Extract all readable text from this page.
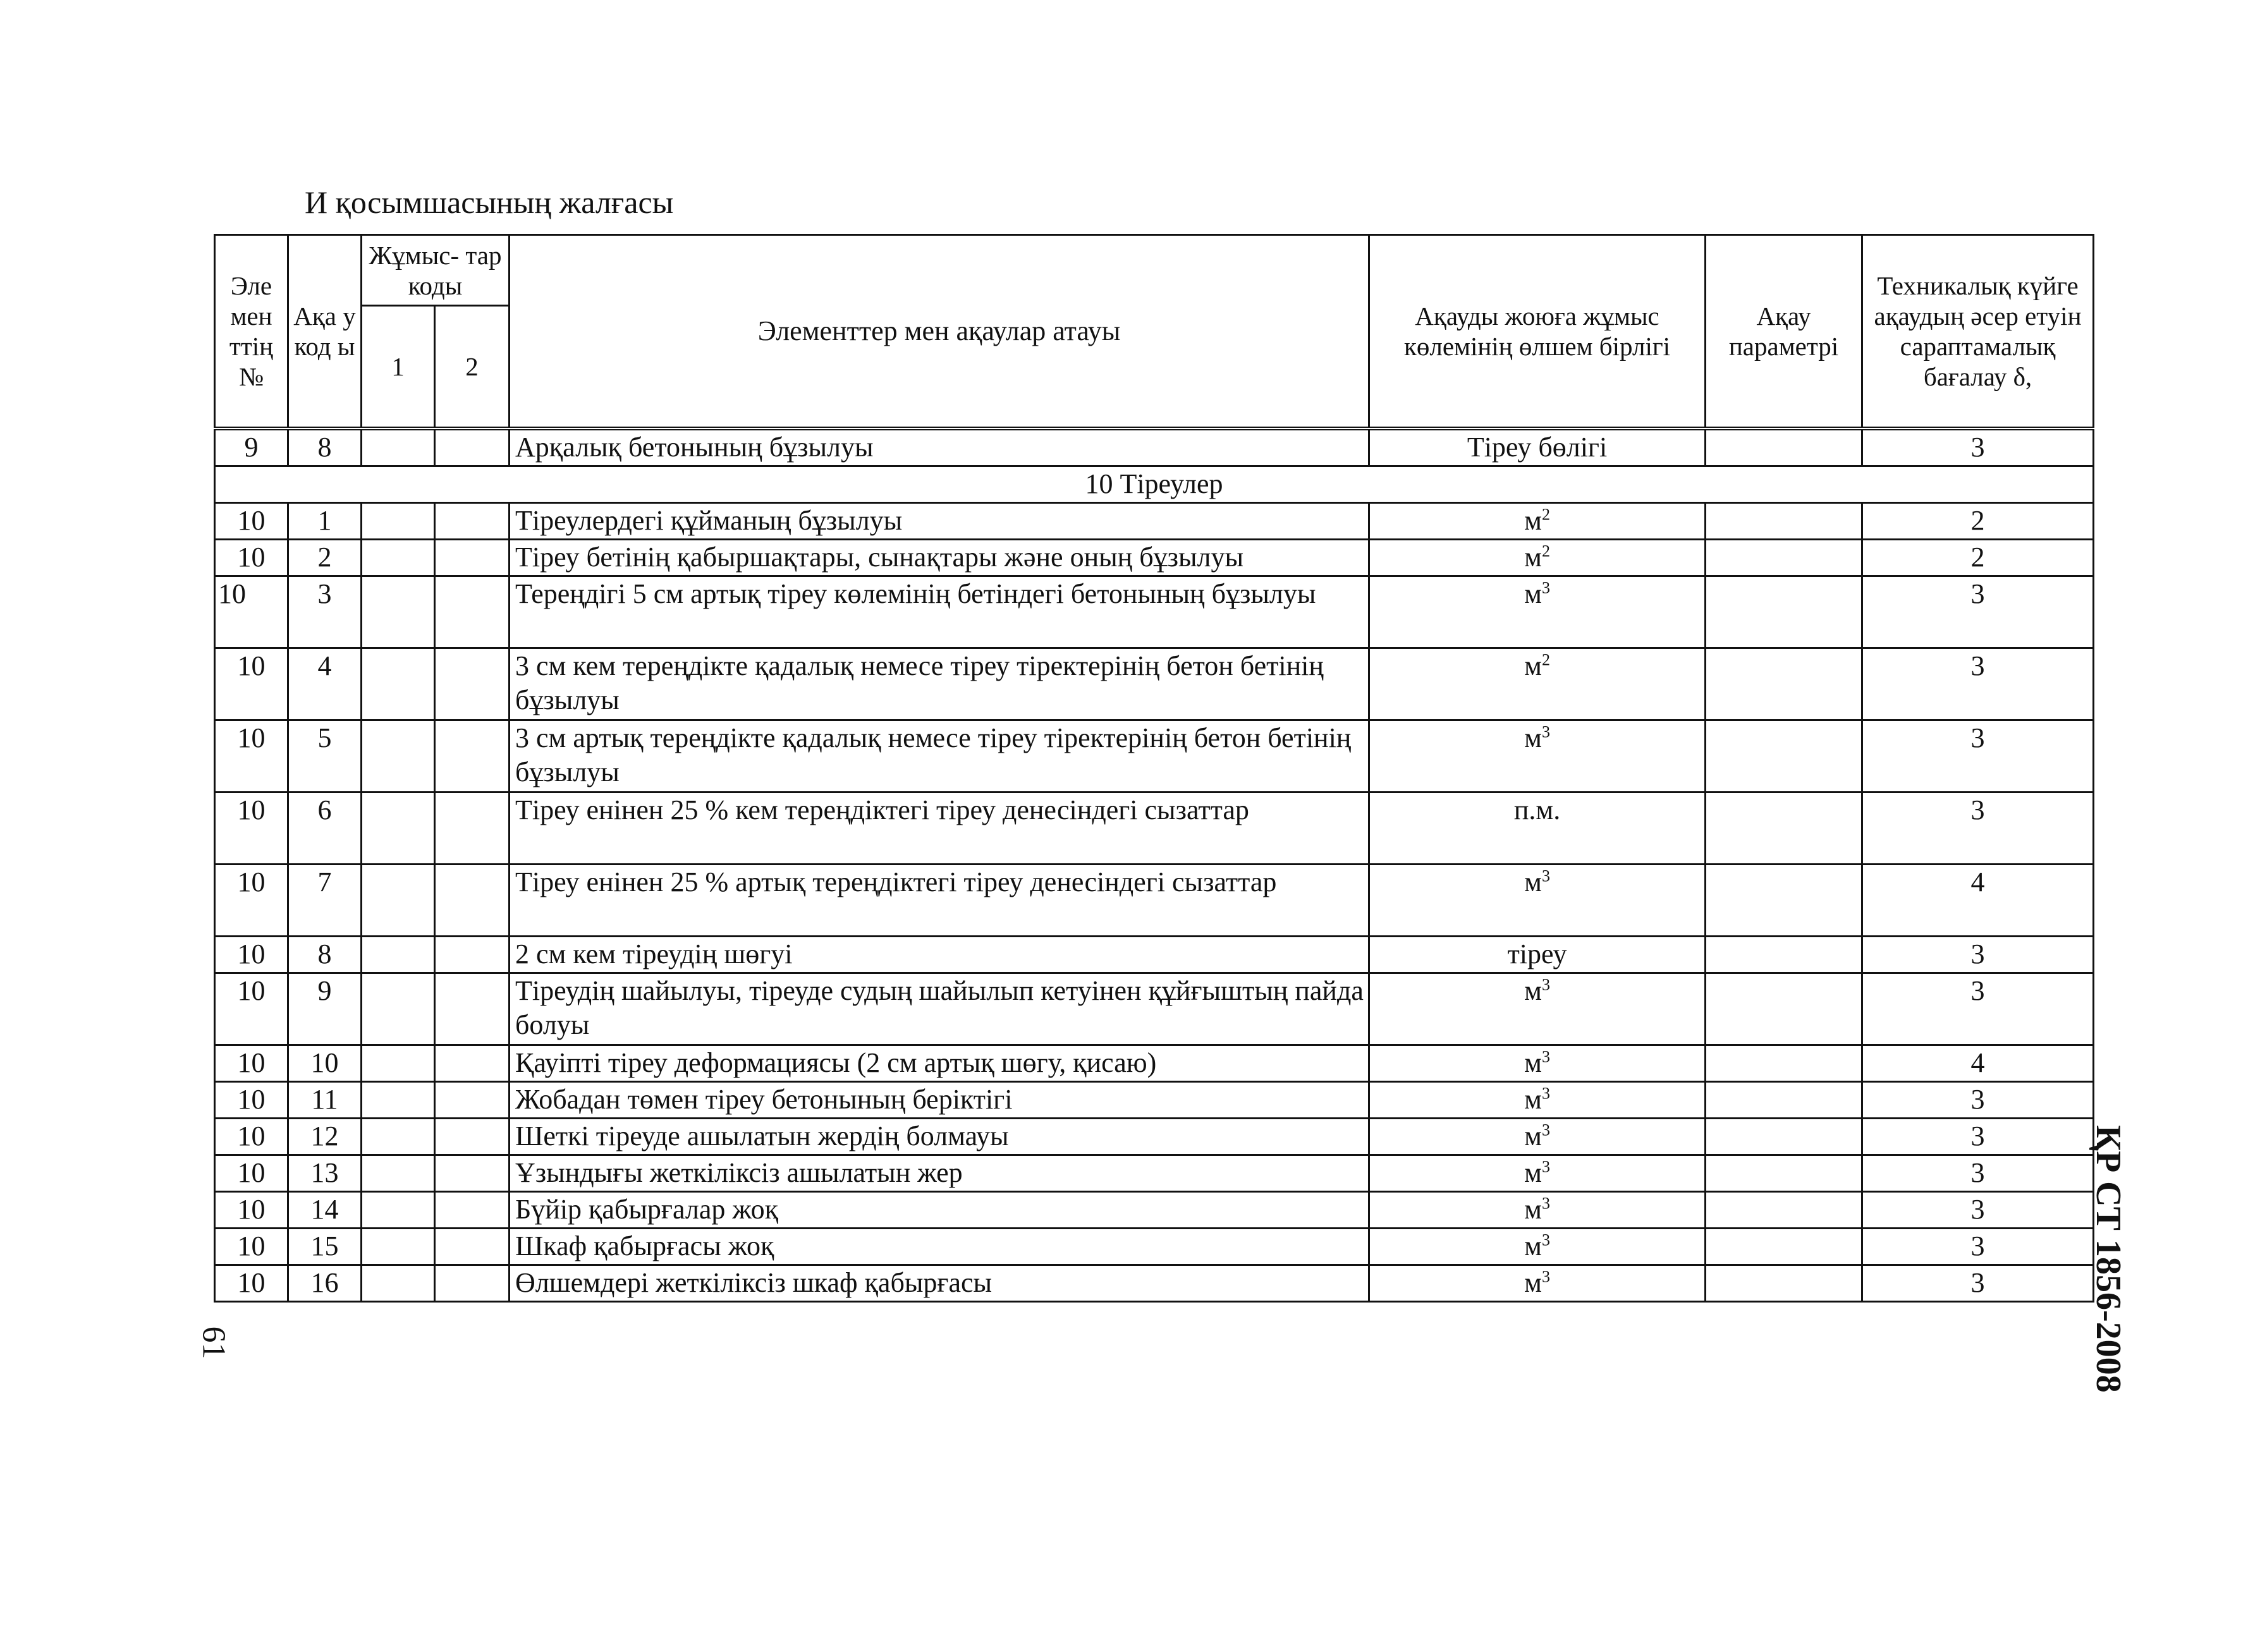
И қосымшасының жалғасы
Эле мен ттің №	Ақа у код ы	Жұмыс- тар коды		Элементтер мен ақаулар атауы	Ақауды жоюға жұмыс көлемінің өлшем бірлігі	Ақау параметрі	Техникалық күйге ақаудың әсер етуін сараптамалық бағалау δ,
		1	2				
9	8			Арқалық бетонының бұзылуы	Тіреу бөлігі		3
10 Тіреулер							
10	1			Тіреулердегі құйманың бұзылуы	$м^2$		2
10	2			Тіреу бетінің қабыршақтары, сынақтары және оның бұзылуы	$м^2$		2
10	3			Тереңдігі 5 см артық тіреу көлемінің бетіндегі бетонының бұзылуы	$м^3$		3
10	4			3 см кем тереңдікте қадалық немесе тіреу тіректерінің бетон бетінің бұзылуы	$м^2$		3
10	5			3 см артық тереңдікте қадалық немесе тіреу тіректерінің бетон бетінің бұзылуы	$м^3$		3
10	6			Тіреу енінен 25 % кем тереңдіктегі тіреу денесіндегі сызаттар	п.м.		3
10	7			Тіреу енінен 25 % артық тереңдіктегі тіреу денесіндегі сызаттар	$м^3$		4
10	8			2 см кем тіреудің шөгуі	тіреу		3
10	9			Тіреудің шайылуы, тіреуде судың шайылып кетуінен құйғыштың пайда болуы	$м^3$		3
10	10			Қауіпті тіреу деформациясы (2 см артық шөгу, қисаю)	$м^3$		4
10	11			Жобадан төмен тіреу бетонының беріктігі	$м^3$		3
10	12			Шеткі тіреуде ашылатын жердің болмауы	$м^3$		3
10	13			Ұзындығы жеткіліксіз ашылатын жер	$м^3$		3
10	14			Бүйір қабырғалар жоқ	$м^3$		3
10	15			Шкаф қабырғасы жоқ	$м^3$		3
10	16			Өлшемдері жеткіліксіз шкаф қабырғасы	$м^3$		3
61	ҚР СТ 1856-2008
